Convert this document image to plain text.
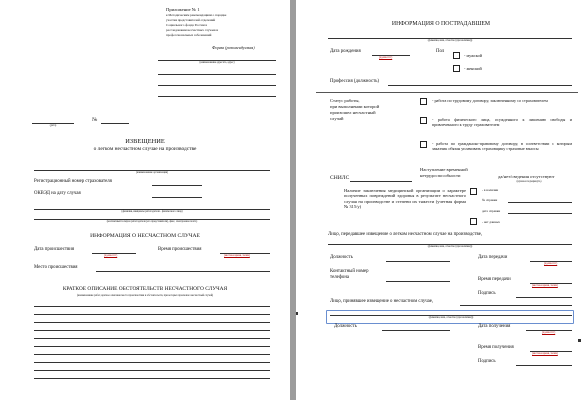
Приложение № 1
к Методическим рекомендациям о порядке
участия представителей отделений
Социального фонда России в
расследовании несчастных случаев и
профессиональных заболеваний
Форма (рекомендуемая)
(наименование адресата, адрес)
(дата)
№
ИЗВЕЩЕНИЕ
о легком несчастном случае на производстве
(наименование организации)
Регистрационный номер страхователя
ОКВЭД на дату случая
(фамилия, инициалы работодателя - физического лица)
(контактный телефон работодателя (его представителя), факс, электронная почта)
ИНФОРМАЦИЯ О НЕСЧАСТНОМ СЛУЧАЕ
Дата происшествия
(дд.мм.гггг)
Время происшествия
(местное время, чч:мм)
Место происшествия
КРАТКОЕ ОПИСАНИЕ ОБСТОЯТЕЛЬСТВ НЕСЧАСТНОГО СЛУЧАЯ
(наименование работ, краткое описание места происшествия и обстоятельств, при которых произошел несчастный случай)
ИНФОРМАЦИЯ О ПОСТРАДАВШЕМ
(фамилия, имя, отчество (при наличии))
Дата рождения
(дд.мм.гггг)
Пол
- мужской
- женский
Профессия (должность)
Статус работы,
при выполнении которой
произошел несчастный
случай
- работа по трудовому договору, заключенному со страхователем
- работа физического лица, осужденного к лишению свободы и привлеченного к труду страхователем
- работа по гражданско-правовому договору, в соответствии с которым заказчик обязан уплачивать страховщику страховые взносы
СНИЛС
Наступление временной
нетрудоспособности	да/нет/сведения отсутствуют
(нужное подчеркнуть)
Наличие заключения медицинской организации о характере полученных повреждений здоровья в результате несчастного случая на производстве и степени их тяжести (учетная форма № 315/у)
- в наличии
№ справки
дата справки
- нет данных
Лицо, передавшее извещение о легком несчастном случае на производстве,
(фамилия, имя, отчество (при наличии))
Должность	Дата передачи
(дд.мм.гггг)
Контактный номер
телефона	Время передачи
(местное время, чч:мм)
Подпись
Лицо, принявшее извещение о несчастном случае,
(фамилия, имя, отчество (при наличии))
Должность	Дата получения
(дд.мм.гггг)
Время получения
(местное время, чч:мм)
Подпись
